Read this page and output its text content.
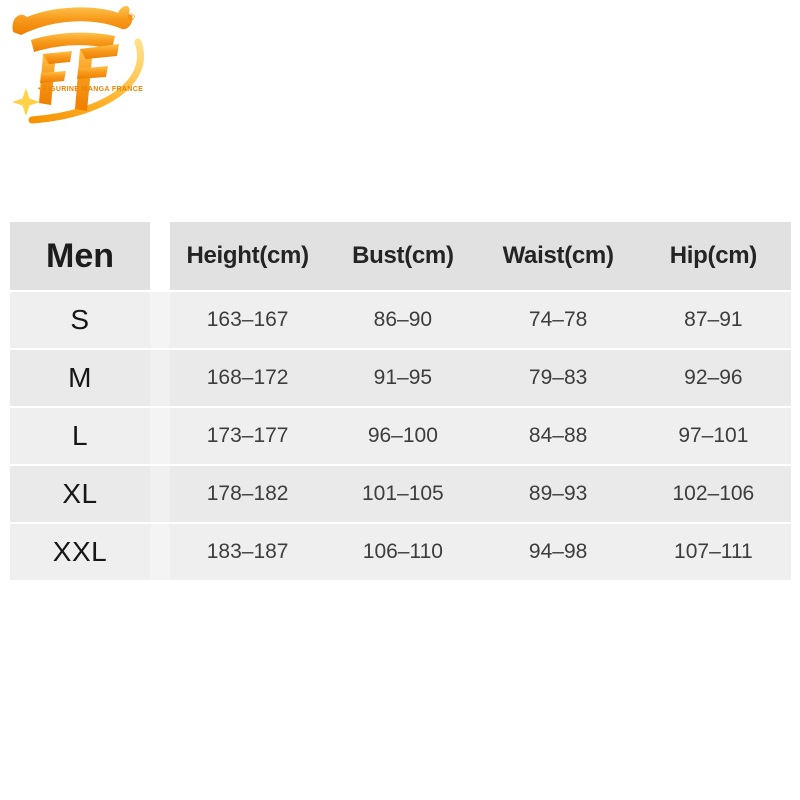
®
• FIGURINE MANGA FRANCE
Men	Height(cm)	Bust(cm)	Waist(cm)	Hip(cm)
S	163–167	86–90	74–78	87–91
M	168–172	91–95	79–83	92–96
L	173–177	96–100	84–88	97–101
XL	178–182	101–105	89–93	102–106
XXL	183–187	106–110	94–98	107–111
